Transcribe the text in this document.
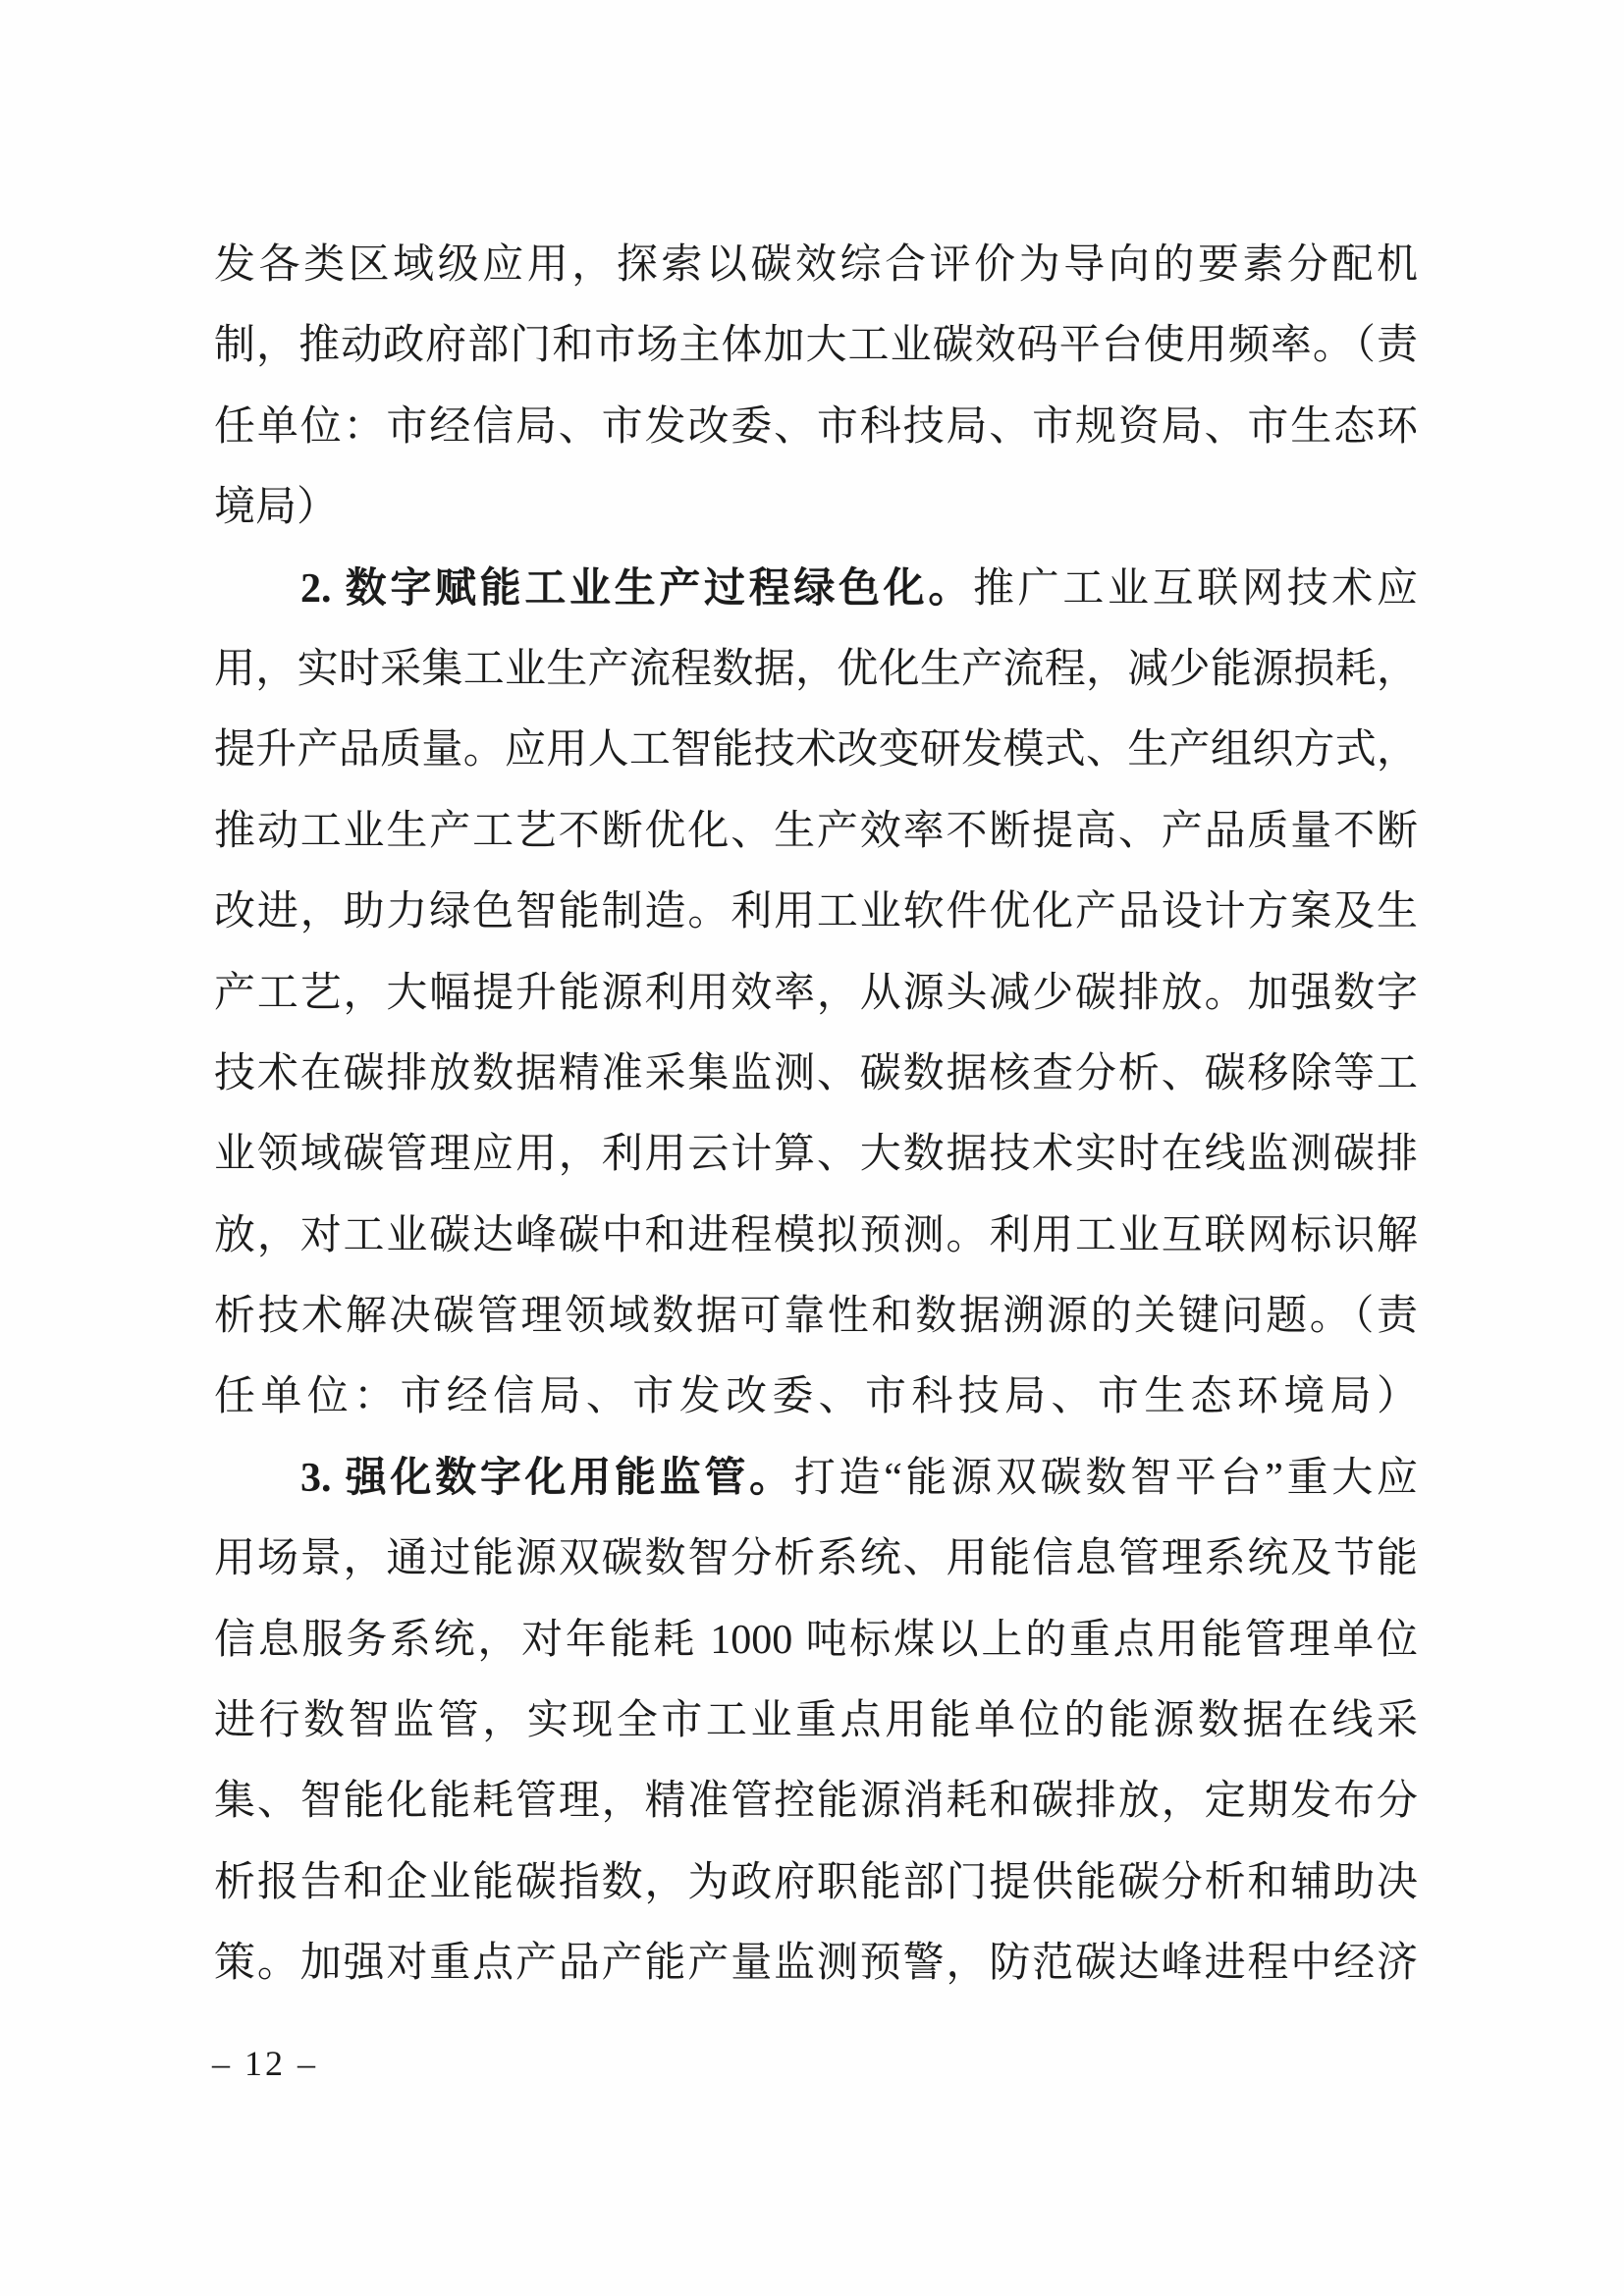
发各类区域级应用，探索以碳效综合评价为导向的要素分配机
制，推动政府部门和市场主体加大工业碳效码平台使用频率。（责
任单位：市经信局、市发改委、市科技局、市规资局、市生态环
境局）
2. 数字赋能工业生产过程绿色化。推广工业互联网技术应
用，实时采集工业生产流程数据，优化生产流程，减少能源损耗，
提升产品质量。应用人工智能技术改变研发模式、生产组织方式，
推动工业生产工艺不断优化、生产效率不断提高、产品质量不断
改进，助力绿色智能制造。利用工业软件优化产品设计方案及生
产工艺，大幅提升能源利用效率，从源头减少碳排放。加强数字
技术在碳排放数据精准采集监测、碳数据核查分析、碳移除等工
业领域碳管理应用，利用云计算、大数据技术实时在线监测碳排
放，对工业碳达峰碳中和进程模拟预测。利用工业互联网标识解
析技术解决碳管理领域数据可靠性和数据溯源的关键问题。（责
任单位：市经信局、市发改委、市科技局、市生态环境局）
3. 强化数字化用能监管。打造“能源双碳数智平台”重大应
用场景，通过能源双碳数智分析系统、用能信息管理系统及节能
信息服务系统，对年能耗 1000 吨标煤以上的重点用能管理单位
进行数智监管，实现全市工业重点用能单位的能源数据在线采
集、智能化能耗管理，精准管控能源消耗和碳排放，定期发布分
析报告和企业能碳指数，为政府职能部门提供能碳分析和辅助决
策。加强对重点产品产能产量监测预警，防范碳达峰进程中经济
– 12 –
